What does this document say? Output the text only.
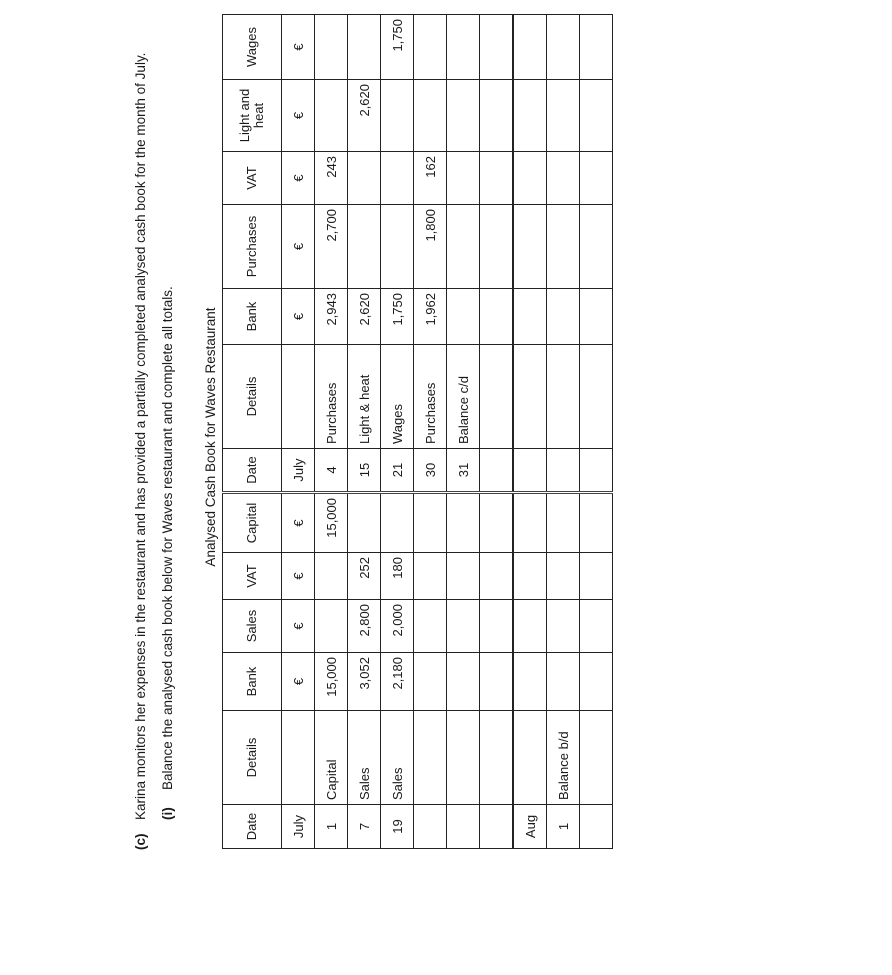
(c)Karina monitors her expenses in the restaurant and has provided a partially completed analysed cash book for the month of July. (i)Balance the analysed cash book below for Waves restaurant and complete all totals. Analysed Cash Book for Waves Restaurant
Date	Details	Bank	Sales	VAT	Capital	Date	Details	Bank	Purchases	VAT	Light and heat	Wages
July		€	€	€	€	July		€	€	€	€	€
1	Capital	15,000			15,000	4	Purchases	2,943	2,700	243		
7	Sales	3,052	2,800	252		15	Light & heat	2,620			2,620	
19	Sales	2,180	2,000	180		21	Wages	1,750				1,750
						30	Purchases	1,962	1,800	162		
						31	Balance c/d					

Aug												
1	Balance b/d											
